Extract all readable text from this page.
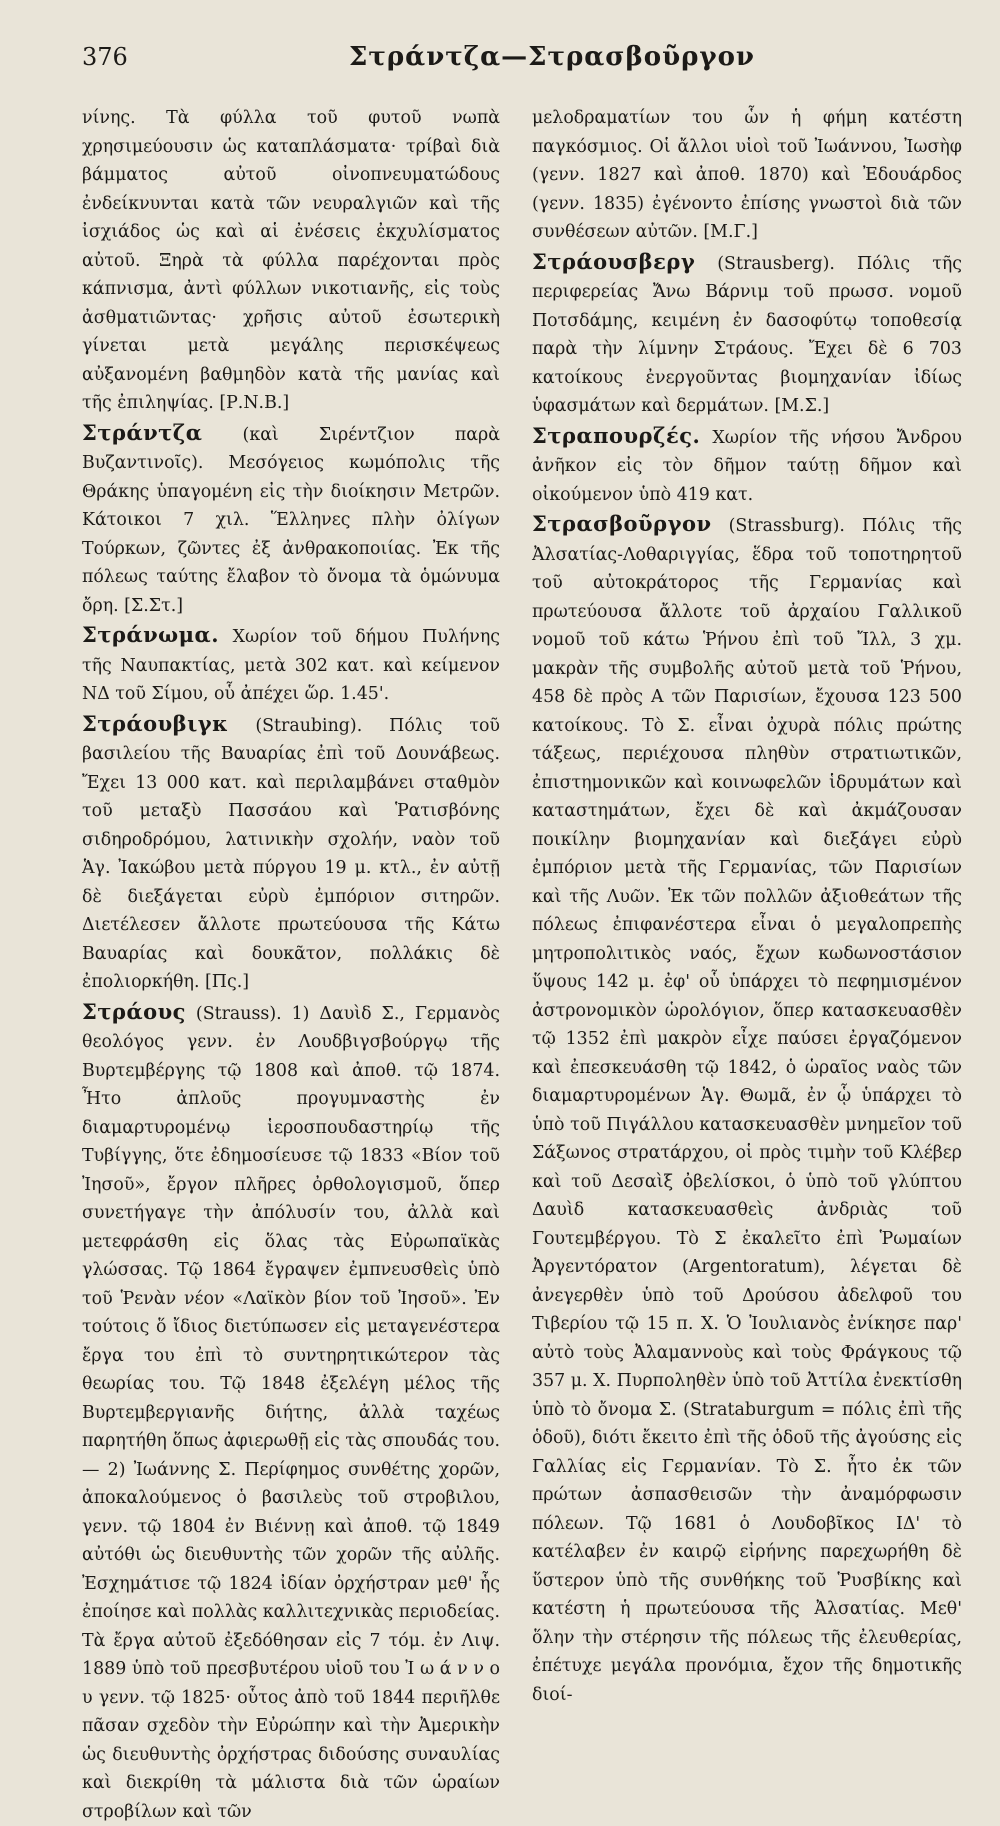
376	Στράντζα—Στρασβοῦργον

νίνης. Τὰ φύλλα τοῦ φυτοῦ νωπὰ χρησιμεύουσιν ὡς καταπλάσματα· τρίβαὶ διὰ βάμματος αὐτοῦ οἰνοπνευματώδους ἐνδείκνυνται κατὰ τῶν νευραλγιῶν καὶ τῆς ἰσχιάδος ὡς καὶ αἱ ἐνέσεις ἐκχυλίσματος αὐτοῦ. Ξηρὰ τὰ φύλλα παρέχονται πρὸς κάπνισμα, ἀντὶ φύλλων νικοτιανῆς, εἰς τοὺς ἀσθματιῶντας· χρῆσις αὐτοῦ ἐσωτερικὴ γίνεται μετὰ μεγάλης περισκέψεως αὐξανομένη βαθμηδὸν κατὰ τῆς μανίας καὶ τῆς ἐπιληψίας. [Ρ.Ν.Β.]

Στράντζα (καὶ Σιρέντζιον παρὰ Βυζαντινοῖς). Μεσόγειος κωμόπολις τῆς Θράκης ὑπαγομένη εἰς τὴν διοίκησιν Μετρῶν. Κάτοικοι 7 χιλ. Ἕλληνες πλὴν ὀλίγων Τούρκων, ζῶντες ἐξ ἀνθρακοποιίας. Ἐκ τῆς πόλεως ταύτης ἔλαβον τὸ ὄνομα τὰ ὁμώνυμα ὄρη. [Σ.Στ.]

Στράνωμα. Χωρίον τοῦ δήμου Πυλήνης τῆς Ναυπακτίας, μετὰ 302 κατ. καὶ κείμενον ΝΔ τοῦ Σίμου, οὗ ἀπέχει ὥρ. 1.45'.

Στράουβιγκ (Straubing). Πόλις τοῦ βασιλείου τῆς Βαυαρίας ἐπὶ τοῦ Δουνάβεως. Ἔχει 13 000 κατ. καὶ περιλαμβάνει σταθμὸν τοῦ μεταξὺ Πασσάου καὶ Ῥατισβόνης σιδηροδρόμου, λατινικὴν σχολήν, ναὸν τοῦ Ἁγ. Ἰακώβου μετὰ πύργου 19 μ. κτλ., ἐν αὐτῇ δὲ διεξάγεται εὐρὺ ἐμπόριον σιτηρῶν. Διετέλεσεν ἄλλοτε πρωτεύουσα τῆς Κάτω Βαυαρίας καὶ δουκᾶτον, πολλάκις δὲ ἐπολιορκήθη. [Πς.]

Στράους (Strauss). 1) Δαυὶδ Σ., Γερμανὸς θεολόγος γενν. ἐν Λουδβιγσβούργῳ τῆς Βυρτεμβέργης τῷ 1808 καὶ ἀποθ. τῷ 1874. Ἦτο ἀπλοῦς προγυμναστὴς ἐν διαμαρτυρομένῳ ἱεροσπουδαστηρίῳ τῆς Τυβίγγης, ὅτε ἐδημοσίευσε τῷ 1833 «Βίον τοῦ Ἰησοῦ», ἔργον πλῆρες ὀρθολογισμοῦ, ὅπερ συνετήγαγε τὴν ἀπόλυσίν του, ἀλλὰ καὶ μετεφράσθη εἰς ὅλας τὰς Εὐρωπαϊκὰς γλώσσας. Τῷ 1864 ἔγραψεν ἐμπνευσθεὶς ὑπὸ τοῦ Ῥενὰν νέον «Λαϊκὸν βίον τοῦ Ἰησοῦ». Ἐν τούτοις ὅ ἴδιος διετύπωσεν εἰς μεταγενέστερα ἔργα του ἐπὶ τὸ συντηρητικώτερον τὰς θεωρίας του. Τῷ 1848 ἐξελέγη μέλος τῆς Βυρτεμβεργιανῆς διήτης, ἀλλὰ ταχέως παρητήθη ὅπως ἀφιερωθῇ εἰς τὰς σπουδάς του. — 2) Ἰωάννης Σ. Περίφημος συνθέτης χορῶν, ἀποκαλούμενος ὁ βασιλεὺς τοῦ στροβιλου, γενν. τῷ 1804 ἐν Βιέννῃ καὶ ἀποθ. τῷ 1849 αὐτόθι ὡς διευθυντὴς τῶν χορῶν τῆς αὐλῆς. Ἐσχημάτισε τῷ 1824 ἰδίαν ὀρχήστραν μεθ' ἧς ἐποίησε καὶ πολλὰς καλλιτεχνικὰς περιοδείας. Τὰ ἔργα αὐτοῦ ἐξεδόθησαν εἰς 7 τόμ. ἐν Λιψ. 1889 ὑπὸ τοῦ πρεσβυτέρου υἱοῦ του Ἰ ω ά ν ν ο υ γενν. τῷ 1825· οὗτος ἀπὸ τοῦ 1844 περιῆλθε πᾶσαν σχεδὸν τὴν Εὐρώπην καὶ τὴν Ἀμερικὴν ὡς διευθυντὴς ὀρχήστρας διδούσης συναυλίας καὶ διεκρίθη τὰ μάλιστα διὰ τῶν ὡραίων στροβίλων καὶ τῶν

μελοδραματίων του ὧν ἡ φήμη κατέστη παγκόσμιος. Οἱ ἄλλοι υἱοὶ τοῦ Ἰωάννου, Ἰωσὴφ (γενν. 1827 καὶ ἀποθ. 1870) καὶ Ἐδουάρδος (γενν. 1835) ἐγένοντο ἐπίσης γνωστοὶ διὰ τῶν συνθέσεων αὐτῶν. [Μ.Γ.]

Στράουσβεργ (Strausberg). Πόλις τῆς περιφερείας Ἄνω Βάρνιμ τοῦ πρωσσ. νομοῦ Ποτσδάμης, κειμένη ἐν δασοφύτῳ τοποθεσίᾳ παρὰ τὴν λίμνην Στράους. Ἔχει δὲ 6 703 κατοίκους ἐνεργοῦντας βιομηχανίαν ἰδίως ὑφασμάτων καὶ δερμάτων. [Μ.Σ.]

Στραπουρζές. Χωρίον τῆς νήσου Ἄνδρου ἀνῆκον εἰς τὸν δῆμον ταύτῃ δῆμον καὶ οἰκούμενον ὑπὸ 419 κατ.

Στρασβοῦργον (Strassburg). Πόλις τῆς Ἀλσατίας-Λοθαριγγίας, ἕδρα τοῦ τοποτηρητοῦ τοῦ αὐτοκράτορος τῆς Γερμανίας καὶ πρωτεύουσα ἄλλοτε τοῦ ἀρχαίου Γαλλικοῦ νομοῦ τοῦ κάτω Ῥήνου ἐπὶ τοῦ Ἴλλ, 3 χμ. μακρὰν τῆς συμβολῆς αὐτοῦ μετὰ τοῦ Ῥήνου, 458 δὲ πρὸς Α τῶν Παρισίων, ἔχουσα 123 500 κατοίκους. Τὸ Σ. εἶναι ὀχυρὰ πόλις πρώτης τάξεως, περιέχουσα πληθὺν στρατιωτικῶν, ἐπιστημονικῶν καὶ κοινωφελῶν ἱδρυμάτων καὶ καταστημάτων, ἔχει δὲ καὶ ἀκμάζουσαν ποικίλην βιομηχανίαν καὶ διεξάγει εὐρὺ ἐμπόριον μετὰ τῆς Γερμανίας, τῶν Παρισίων καὶ τῆς Λυῶν. Ἐκ τῶν πολλῶν ἀξιοθεάτων τῆς πόλεως ἐπιφανέστερα εἶναι ὁ μεγαλοπρεπὴς μητροπολιτικὸς ναός, ἔχων κωδωνοστάσιον ὕψους 142 μ. ἐφ' οὗ ὑπάρχει τὸ πεφημισμένον ἀστρονομικὸν ὡρολόγιον, ὅπερ κατασκευασθὲν τῷ 1352 ἐπὶ μακρὸν εἶχε παύσει ἐργαζόμενον καὶ ἐπεσκευάσθη τῷ 1842, ὁ ὡραῖος ναὸς τῶν διαμαρτυρομένων Ἁγ. Θωμᾶ, ἐν ᾧ ὑπάρχει τὸ ὑπὸ τοῦ Πιγάλλου κατασκευασθὲν μνημεῖον τοῦ Σάξωνος στρατάρχου, οἱ πρὸς τιμὴν τοῦ Κλέβερ καὶ τοῦ Δεσαὶξ ὀβελίσκοι, ὁ ὑπὸ τοῦ γλύπτου Δαυὶδ κατασκευασθεὶς ἀνδριὰς τοῦ Γουτεμβέργου. Τὸ Σ ἐκαλεῖτο ἐπὶ Ῥωμαίων Ἀργεντόρατον (Argentoratum), λέγεται δὲ ἀνεγερθὲν ὑπὸ τοῦ Δρούσου ἀδελφοῦ του Τιβερίου τῷ 15 π. Χ. Ὁ Ἰουλιανὸς ἐνίκησε παρ' αὐτὸ τοὺς Ἀλαμαννοὺς καὶ τοὺς Φράγκους τῷ 357 μ. Χ. Πυρποληθὲν ὑπὸ τοῦ Ἀττίλα ἐνεκτίσθη ὑπὸ τὸ ὄνομα Σ. (Strataburgum = πόλις ἐπὶ τῆς ὁδοῦ), διότι ἔκειτο ἐπὶ τῆς ὁδοῦ τῆς ἀγούσης εἰς Γαλλίας εἰς Γερμανίαν. Τὸ Σ. ἦτο ἐκ τῶν πρώτων ἀσπασθεισῶν τὴν ἀναμόρφωσιν πόλεων. Τῷ 1681 ὁ Λουδοβῖκος ΙΔ' τὸ κατέλαβεν ἐν καιρῷ εἰρήνης παρεχωρήθη δὲ ὕστερον ὑπὸ τῆς συνθήκης τοῦ Ῥυσβίκης καὶ κατέστη ἡ πρωτεύουσα τῆς Ἀλσατίας. Μεθ' ὅλην τὴν στέρησιν τῆς πόλεως τῆς ἐλευθερίας, ἐπέτυχε μεγάλα προνόμια, ἔχον τῆς δημοτικῆς διοί-
